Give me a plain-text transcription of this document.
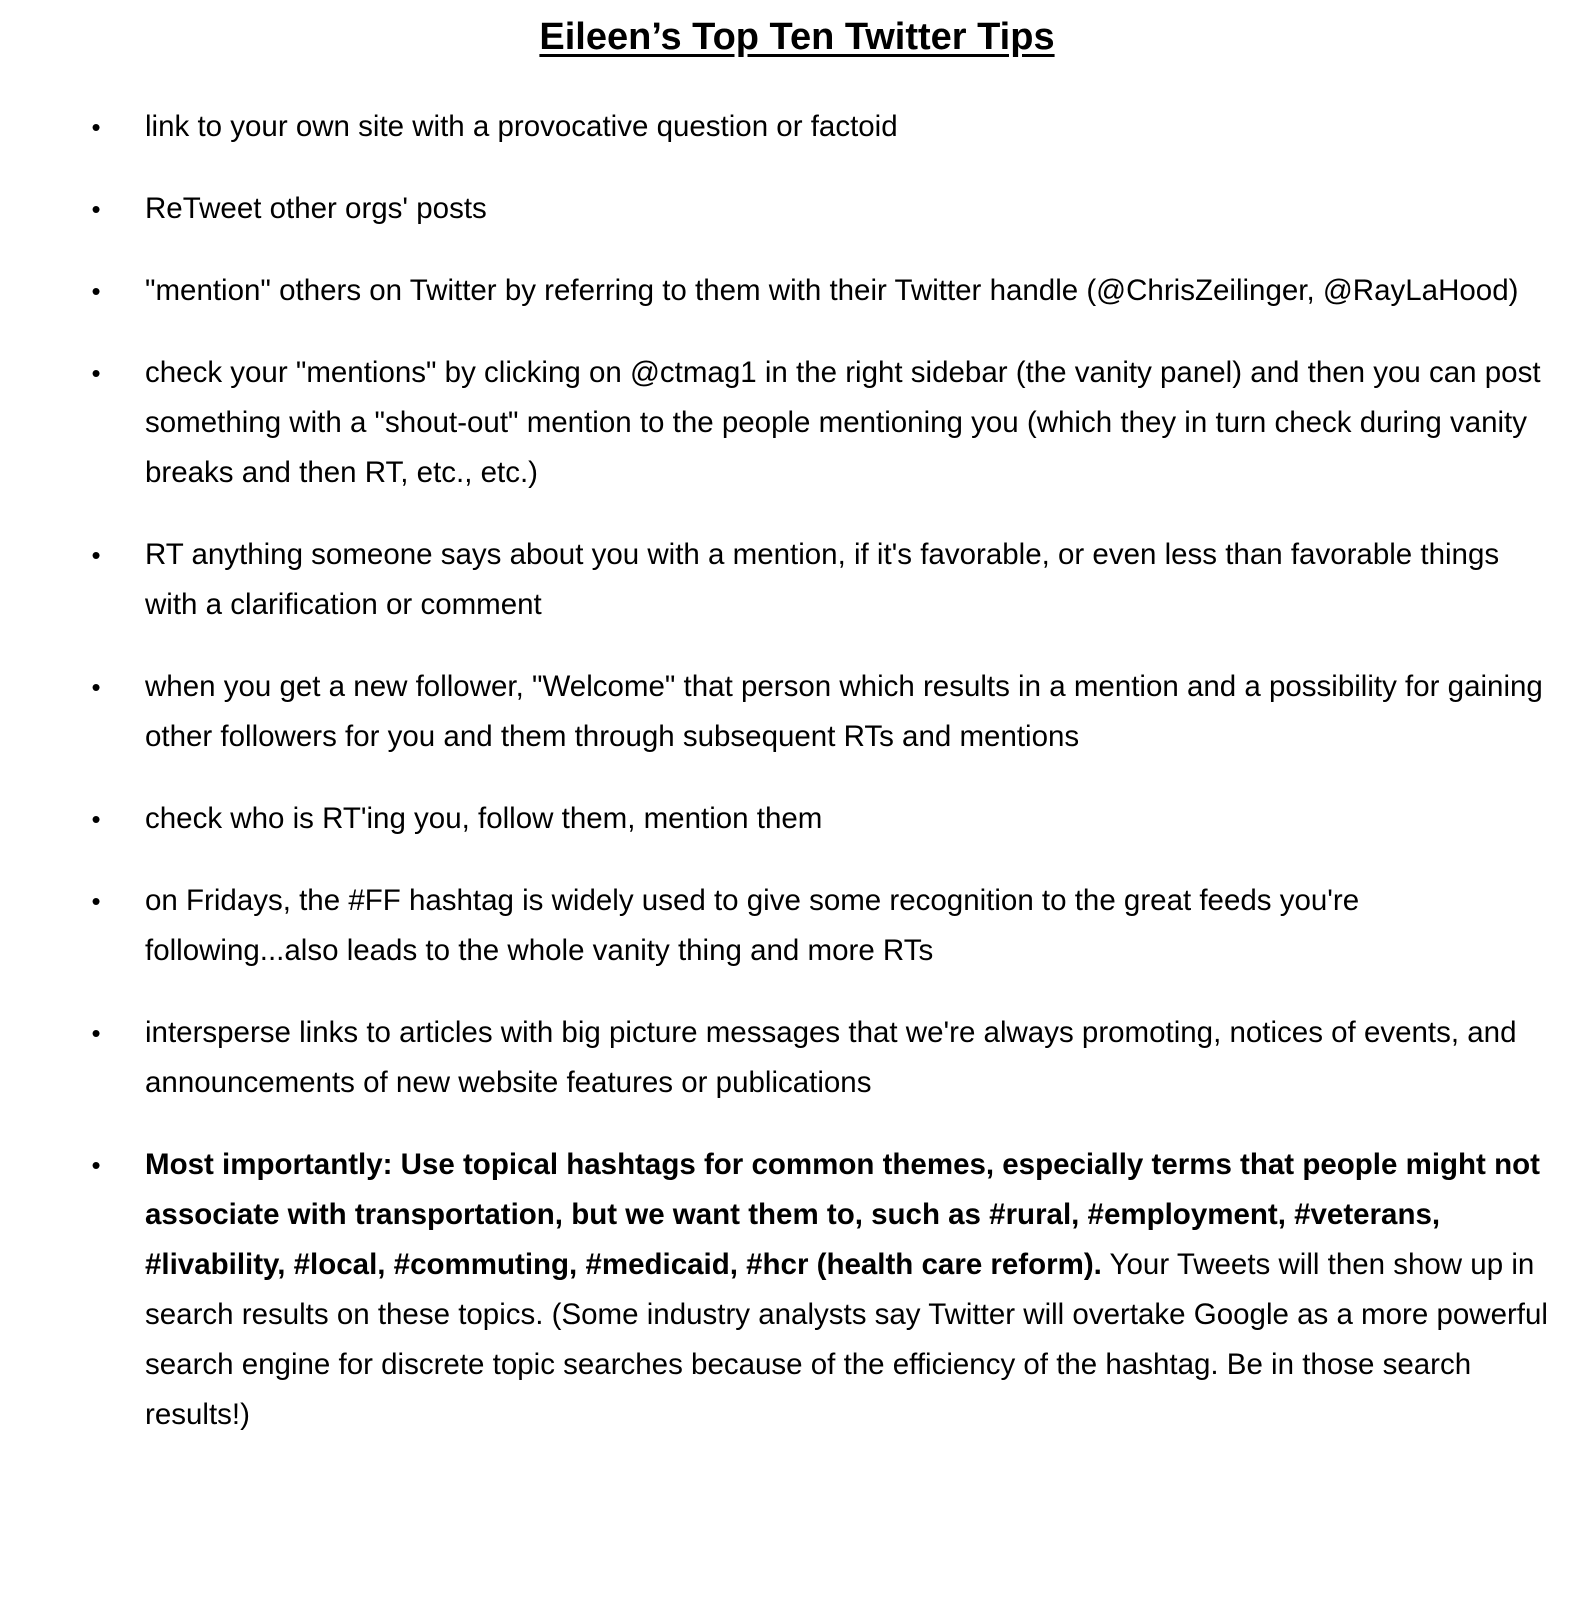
Eileen’s Top Ten Twitter Tips
• link to your own site with a provocative question or factoid
• ReTweet other orgs' posts
• "mention" others on Twitter by referring to them with their Twitter handle (@ChrisZeilinger, @RayLaHood)
• check your "mentions" by clicking on @ctmag1 in the right sidebar (the vanity panel) and then you can post something with a "shout-out" mention to the people mentioning you (which they in turn check during vanity breaks and then RT, etc., etc.)
• RT anything someone says about you with a mention, if it's favorable, or even less than favorable things with a clarification or comment
• when you get a new follower, "Welcome" that person which results in a mention and a possibility for gaining other followers for you and them through subsequent RTs and mentions
• check who is RT'ing you, follow them, mention them
• on Fridays, the #FF hashtag is widely used to give some recognition to the great feeds you're following...also leads to the whole vanity thing and more RTs
• intersperse links to articles with big picture messages that we're always promoting, notices of events, and announcements of new website features or publications
• Most importantly: Use topical hashtags for common themes, especially terms that people might not associate with transportation, but we want them to, such as #rural, #employment, #veterans, #livability, #local, #commuting, #medicaid, #hcr (health care reform). Your Tweets will then show up in search results on these topics. (Some industry analysts say Twitter will overtake Google as a more powerful search engine for discrete topic searches because of the efficiency of the hashtag. Be in those search results!)
